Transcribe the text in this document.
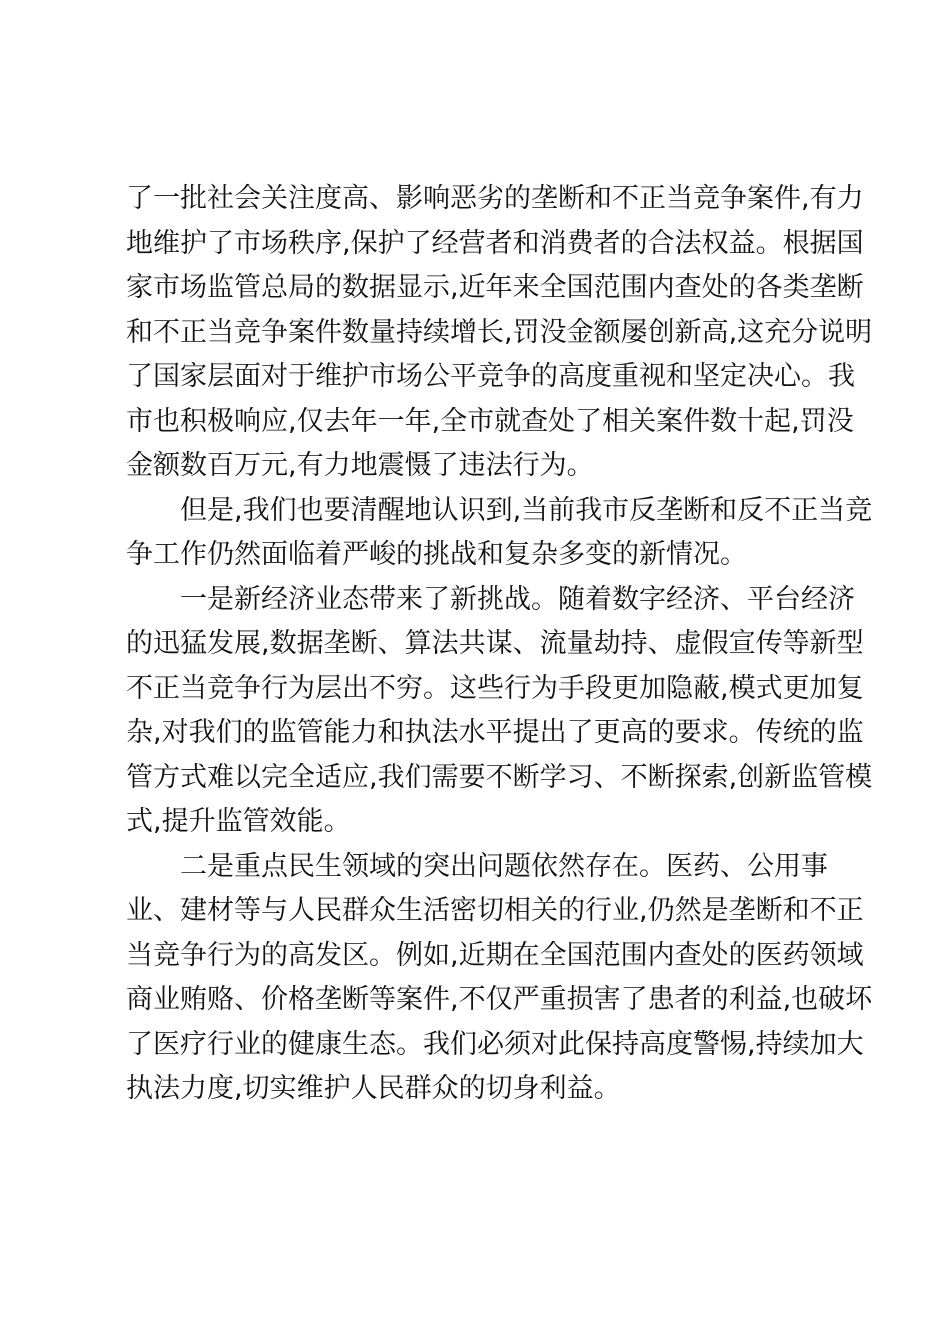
了一批社会关注度高、影响恶劣的垄断和不正当竞争案件,有力
地维护了市场秩序,保护了经营者和消费者的合法权益。根据国
家市场监管总局的数据显示,近年来全国范围内查处的各类垄断
和不正当竞争案件数量持续增长,罚没金额屡创新高,这充分说明
了国家层面对于维护市场公平竞争的高度重视和坚定决心。我
市也积极响应,仅去年一年,全市就查处了相关案件数十起,罚没
金额数百万元,有力地震慑了违法行为。
但是,我们也要清醒地认识到,当前我市反垄断和反不正当竞
争工作仍然面临着严峻的挑战和复杂多变的新情况。
一是新经济业态带来了新挑战。随着数字经济、平台经济
的迅猛发展,数据垄断、算法共谋、流量劫持、虚假宣传等新型
不正当竞争行为层出不穷。这些行为手段更加隐蔽,模式更加复
杂,对我们的监管能力和执法水平提出了更高的要求。传统的监
管方式难以完全适应,我们需要不断学习、不断探索,创新监管模
式,提升监管效能。
二是重点民生领域的突出问题依然存在。医药、公用事
业、建材等与人民群众生活密切相关的行业,仍然是垄断和不正
当竞争行为的高发区。例如,近期在全国范围内查处的医药领域
商业贿赂、价格垄断等案件,不仅严重损害了患者的利益,也破坏
了医疗行业的健康生态。我们必须对此保持高度警惕,持续加大
执法力度,切实维护人民群众的切身利益。
